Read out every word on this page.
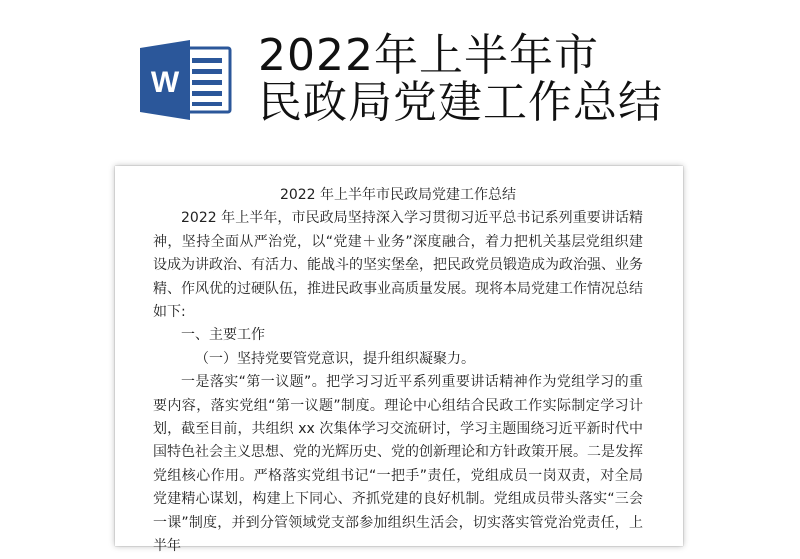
W
2022年上半年市
民政局党建工作总结
2022 年上半年市民政局党建工作总结

2022 年上半年，市民政局坚持深入学习贯彻习近平总书记系列重要讲话精神，坚持全面从严治党，以“党建＋业务”深度融合，着力把机关基层党组织建设成为讲政治、有活力、能战斗的坚实堡垒，把民政党员锻造成为政治强、业务精、作风优的过硬队伍，推进民政事业高质量发展。现将本局党建工作情况总结如下:

一、主要工作

（一）坚持党要管党意识，提升组织凝聚力。

一是落实“第一议题”。把学习习近平系列重要讲话精神作为党组学习的重要内容，落实党组“第一议题”制度。理论中心组结合民政工作实际制定学习计划，截至目前，共组织 xx 次集体学习交流研讨，学习主题围绕习近平新时代中国特色社会主义思想、党的光辉历史、党的创新理论和方针政策开展。二是发挥党组核心作用。严格落实党组书记“一把手”责任，党组成员一岗双责，对全局党建精心谋划，构建上下同心、齐抓党建的良好机制。党组成员带头落实“三会一课”制度，并到分管领域党支部参加组织生活会，切实落实管党治党责任，上半年
